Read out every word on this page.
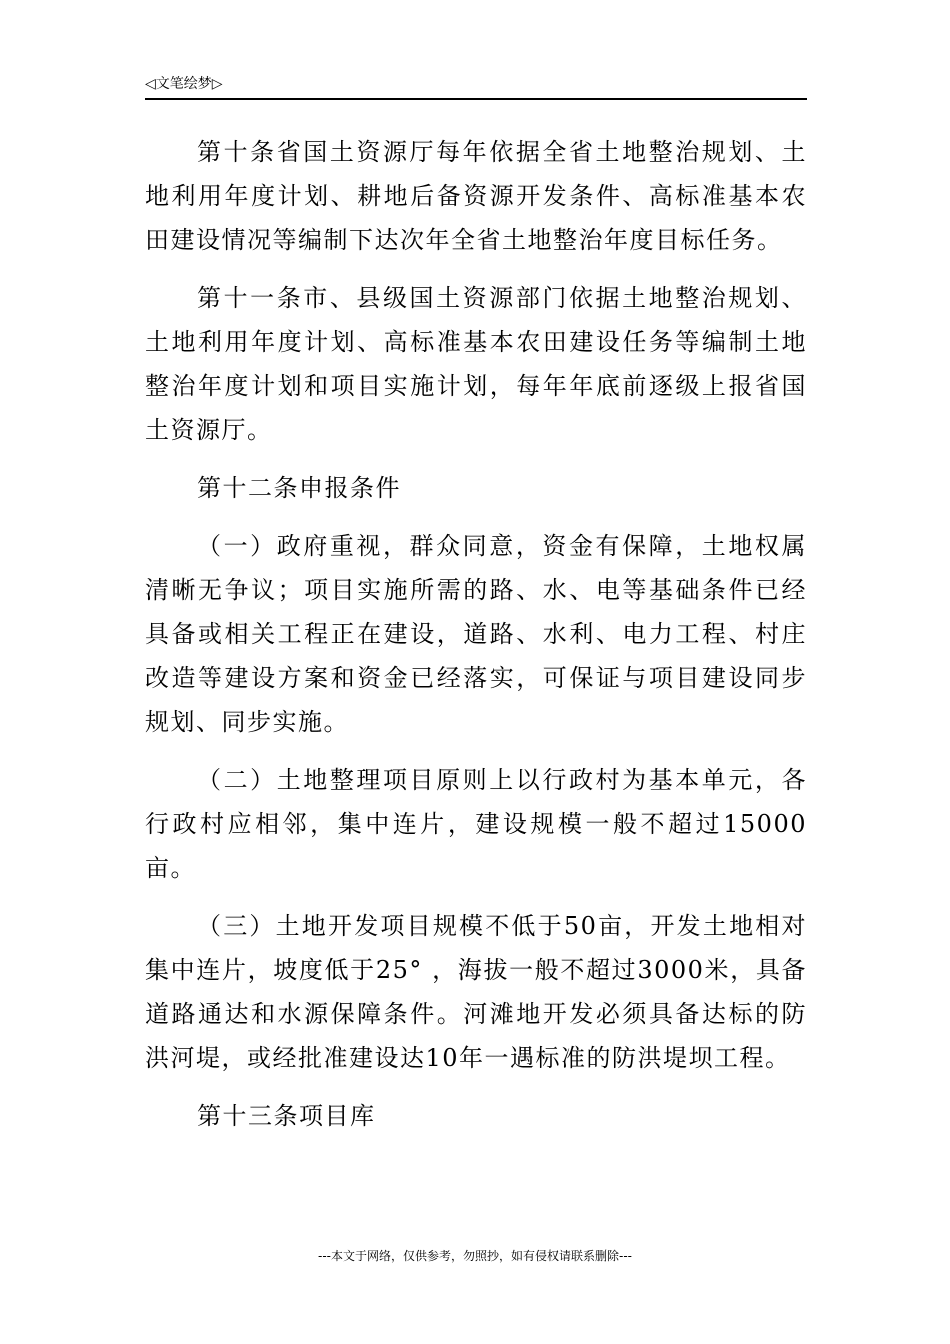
◁文笔绘梦▷

第十条省国土资源厅每年依据全省土地整治规划、土地利用年度计划、耕地后备资源开发条件、高标准基本农田建设情况等编制下达次年全省土地整治年度目标任务。

第十一条市、县级国土资源部门依据土地整治规划、土地利用年度计划、高标准基本农田建设任务等编制土地整治年度计划和项目实施计划，每年年底前逐级上报省国土资源厅。

第十二条申报条件

（一）政府重视，群众同意，资金有保障，土地权属清晰无争议；项目实施所需的路、水、电等基础条件已经具备或相关工程正在建设，道路、水利、电力工程、村庄改造等建设方案和资金已经落实，可保证与项目建设同步规划、同步实施。

（二）土地整理项目原则上以行政村为基本单元，各行政村应相邻，集中连片，建设规模一般不超过15000亩。

（三）土地开发项目规模不低于50亩，开发土地相对集中连片，坡度低于25° ，海拔一般不超过3000米，具备道路通达和水源保障条件。河滩地开发必须具备达标的防洪河堤，或经批准建设达10年一遇标准的防洪堤坝工程。

第十三条项目库

---本文于网络，仅供参考，勿照抄，如有侵权请联系删除---
